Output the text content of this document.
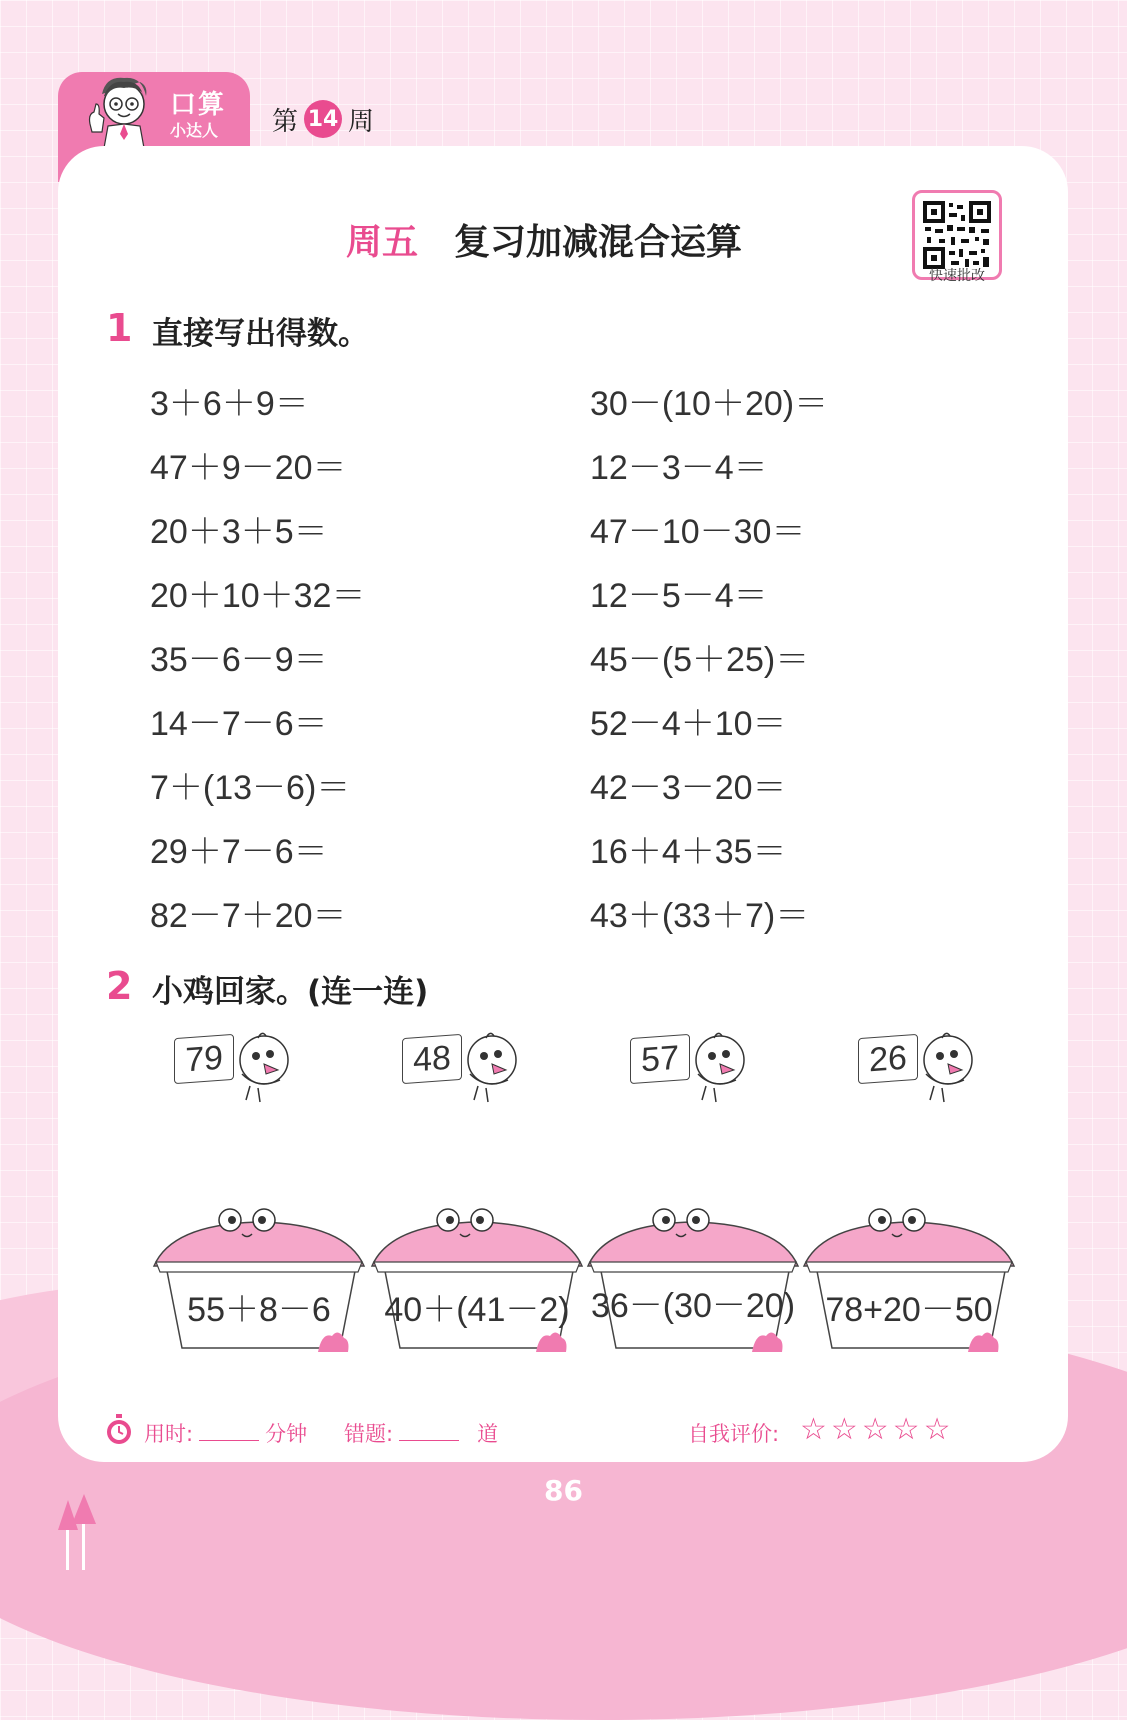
口算
小达人 第 14 周
周五 复习加减混合运算
快速批改
1 直接写出得数。
3＋6＋9＝
47＋9－20＝
20＋3＋5＝
20＋10＋32＝
35－6－9＝
14－7－6＝
7＋(13－6)＝
29＋7－6＝
82－7＋20＝
30－(10＋20)＝
12－3－4＝
47－10－30＝
12－5－4＝
45－(5＋25)＝
52－4＋10＝
42－3－20＝
16＋4＋35＝
43＋(33＋7)＝
2 小鸡回家。(连一连)
79	48	57	26
55＋8－6	40＋(41－2) 36－(30－20) 78+20－50
用时:	分钟 错题:	道	自我评价: ☆☆☆☆☆
86
